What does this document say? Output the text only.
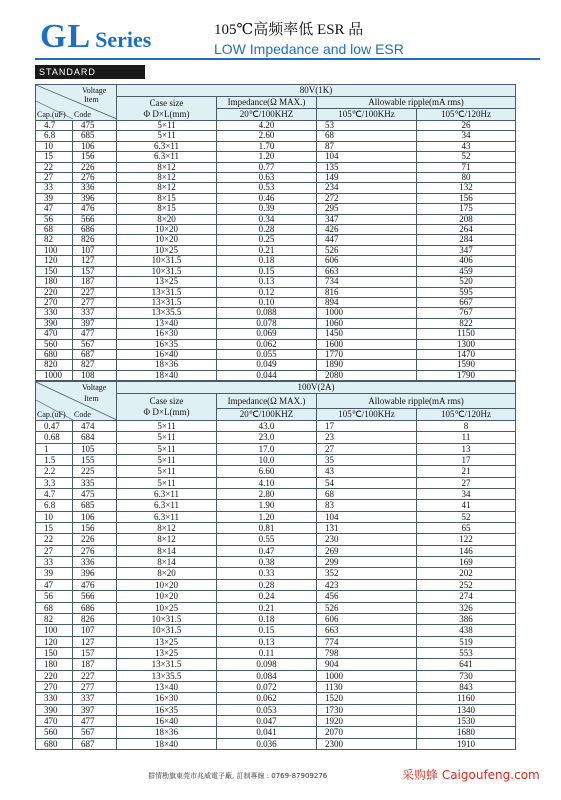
GL Series	105℃高频率低 ESR 品
LOW Impedance and low ESR
STANDARD
Voltage
Item
Cap.(uF) Code		80V(1K)			

		Case size
Φ D×L(mm)	Impedance(Ω MAX.)	Allowable ripple(mA rms)	
			20℃/100KHZ	105℃/100KHz	105℃/120Hz
4.7	475	5×11	4.20	53	26
6.8	685	5×11	2.60	68	34
10	106	6.3×11	1.70	87	43
15	156	6.3×11	1.20	104	52
22	226	8×12	0.77	135	71
27	276	8×12	0.63	149	80
33	336	8×12	0.53	234	132
39	396	8×15	0.46	272	156
47	476	8×15	0.39	295	175
56	566	8×20	0.34	347	208
68	686	10×20	0.28	426	264
82	826	10×20	0.25	447	284
100	107	10×25	0.21	526	347
120	127	10×31.5	0.18	606	406
150	157	10×31.5	0.15	663	459
180	187	13×25	0.13	734	520
220	227	13×31.5	0.12	816	595
270	277	13×31.5	0.10	894	667
330	337	13×35.5	0.088	1000	767
390	397	13×40	0.078	1060	822
470	477	16×30	0.069	1450	1150
560	567	16×35	0.062	1600	1300
680	687	16×40	0.055	1770	1470
820	827	18×36	0.049	1890	1590
1000	108	18×40	0.044	2080	1790
Voltage
Item
Cap.(uF) Code		100V(2A)			

		Case size
Φ D×L(mm)	Impedance(Ω MAX.)	Allowable ripple(mA rms)	
			20℃/100KHZ	105℃/100KHz	105℃/120Hz
0.47	474	5×11	43.0	17	8
0.68	684	5×11	23.0	23	11
1	105	5×11	17.0	27	13
1.5	155	5×11	10.0	35	17
2.2	225	5×11	6.60	43	21
3.3	335	5×11	4.10	54	27
4.7	475	6.3×11	2.80	68	34
6.8	685	6.3×11	1.90	83	41
10	106	6.3×11	1.20	104	52
15	156	8×12	0.81	131	65
22	226	8×12	0.55	230	122
27	276	8×14	0.47	269	146
33	336	8×14	0.38	299	169
39	396	8×20	0.33	352	202
47	476	10×20	0.28	423	252
56	566	10×20	0.24	456	274
68	686	10×25	0.21	526	326
82	826	10×31.5	0.18	606	386
100	107	10×31.5	0.15	663	438
120	127	13×25	0.13	774	519
150	157	13×25	0.11	798	553
180	187	13×31.5	0.098	904	641
220	227	13×35.5	0.084	1000	730
270	277	13×40	0.072	1130	843
330	337	16×30	0.062	1520	1160
390	397	16×35	0.053	1730	1340
470	477	16×40	0.047	1920	1530
560	567	18×36	0.041	2070	1680
680	687	18×40	0.036	2300	1910
群情勘旗東莞市兆威電子廠, 訂制專線 : 0769-87909276	采购蜂 Caigoufeng.com
